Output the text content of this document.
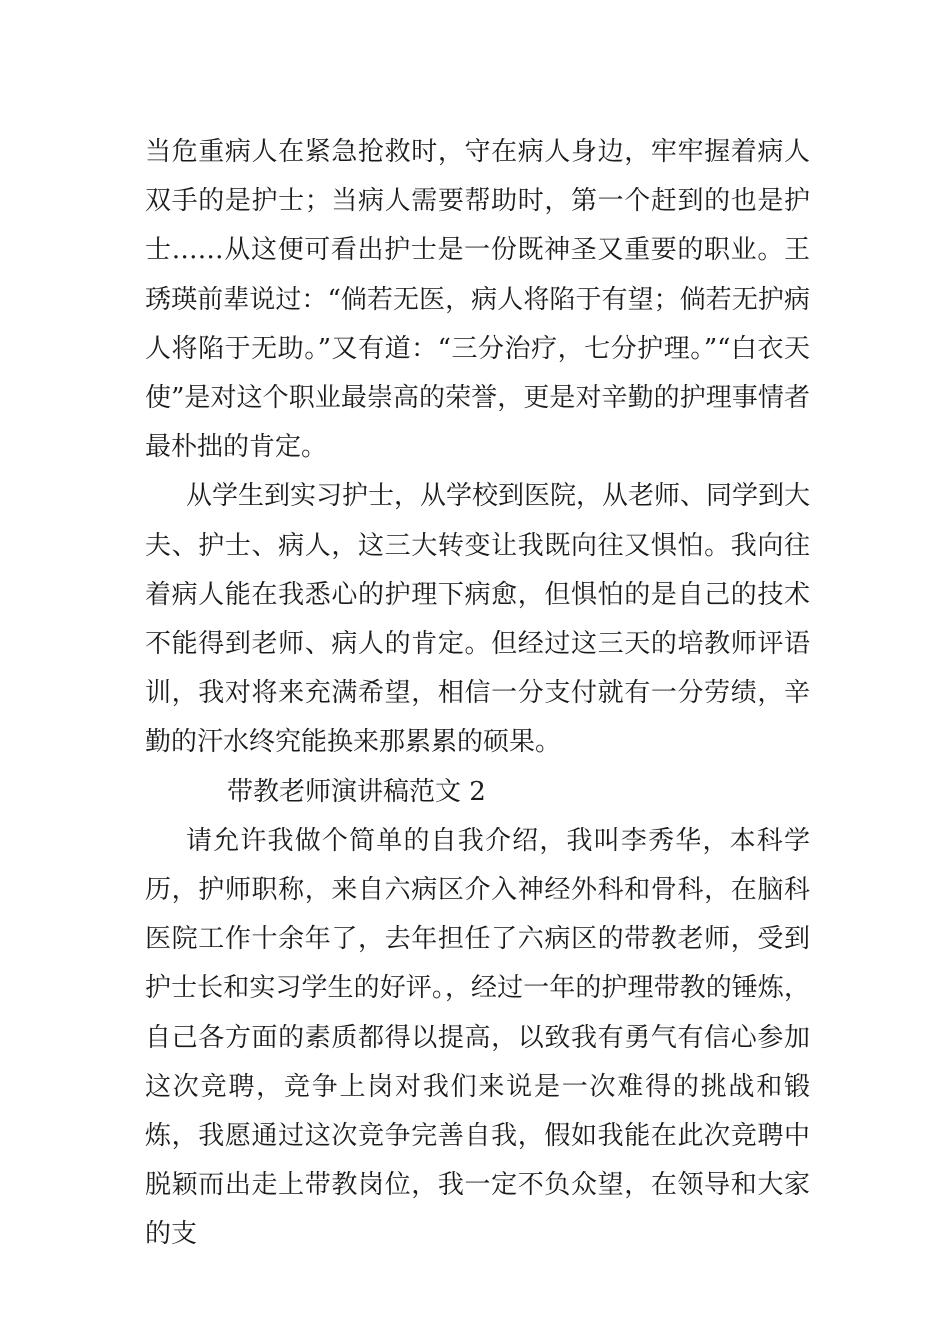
当危重病人在紧急抢救时，守在病人身边，牢牢握着病人双手的是护士；当病人需要帮助时，第一个赶到的也是护士……从这便可看出护士是一份既神圣又重要的职业。王琇瑛前辈说过：“倘若无医，病人将陷于有望；倘若无护病人将陷于无助。”又有道：“三分治疗，七分护理。”“白衣天使”是对这个职业最崇高的荣誉，更是对辛勤的护理事情者最朴拙的肯定。

从学生到实习护士，从学校到医院，从老师、同学到大夫、护士、病人，这三大转变让我既向往又惧怕。我向往着病人能在我悉心的护理下病愈，但惧怕的是自己的技术不能得到老师、病人的肯定。但经过这三天的培教师评语训，我对将来充满希望，相信一分支付就有一分劳绩，辛勤的汗水终究能换来那累累的硕果。

带教老师演讲稿范文 2

请允许我做个简单的自我介绍，我叫李秀华，本科学历，护师职称，来自六病区介入神经外科和骨科，在脑科医院工作十余年了，去年担任了六病区的带教老师，受到护士长和实习学生的好评。，经过一年的护理带教的锤炼，自己各方面的素质都得以提高，以致我有勇气有信心参加这次竞聘，竞争上岗对我们来说是一次难得的挑战和锻炼，我愿通过这次竞争完善自我，假如我能在此次竞聘中脱颖而出走上带教岗位，我一定不负众望，在领导和大家的支
